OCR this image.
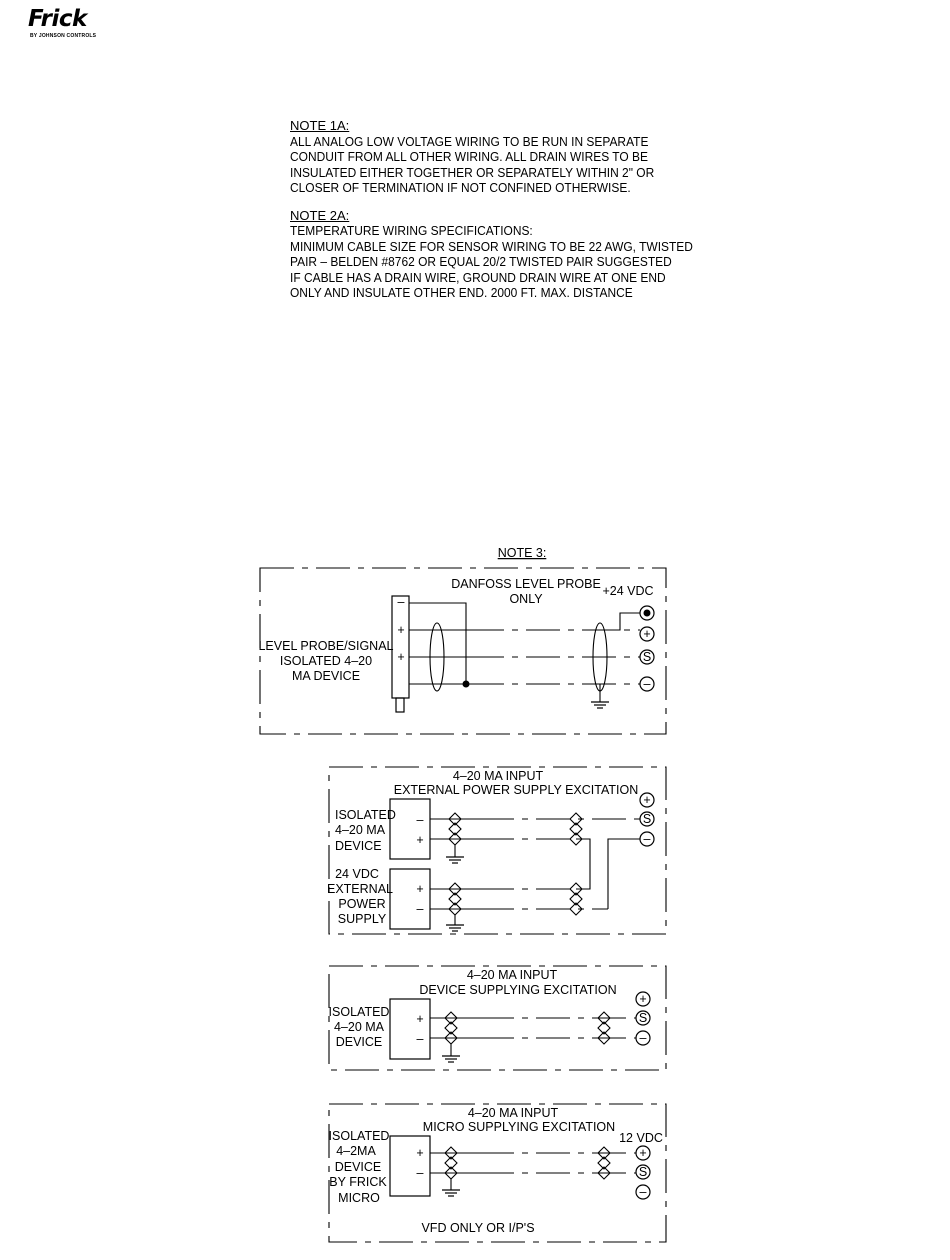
Frick
BY JOHNSON CONTROLS
NOTE 1A:
ALL ANALOG LOW VOLTAGE WIRING TO BE RUN IN SEPARATE
CONDUIT FROM ALL OTHER WIRING. ALL DRAIN WIRES TO BE
INSULATED EITHER TOGETHER OR SEPARATELY WITHIN 2" OR
CLOSER OF TERMINATION IF NOT CONFINED OTHERWISE.
NOTE 2A:
TEMPERATURE WIRING SPECIFICATIONS:
MINIMUM CABLE SIZE FOR SENSOR WIRING TO BE 22 AWG, TWISTED
PAIR – BELDEN #8762 OR EQUAL 20/2 TWISTED PAIR SUGGESTED
IF CABLE HAS A DRAIN WIRE, GROUND DRAIN WIRE AT ONE END
ONLY AND INSULATE OTHER END. 2000 FT. MAX. DISTANCE
NOTE 3:
LEVEL PROBE/SIGNAL
ISOLATED 4–20
MA DEVICE
DANFOSS LEVEL PROBE
ONLY
+24 VDC
–
+
+
+
S
–
4–20 MA INPUT
EXTERNAL POWER SUPPLY EXCITATION
ISOLATED
4–20 MA
DEVICE
–
+
24 VDC
EXTERNAL
POWER
SUPPLY
+
–
+
S
–
4–20 MA INPUT
DEVICE SUPPLYING EXCITATION
ISOLATED
4–20 MA
DEVICE
+
–
+
S
–
4–20 MA INPUT
MICRO SUPPLYING EXCITATION
12 VDC
ISOLATED
4–2MA
DEVICE
BY FRICK
MICRO
+
–
+
S
–
VFD ONLY OR I/P'S
